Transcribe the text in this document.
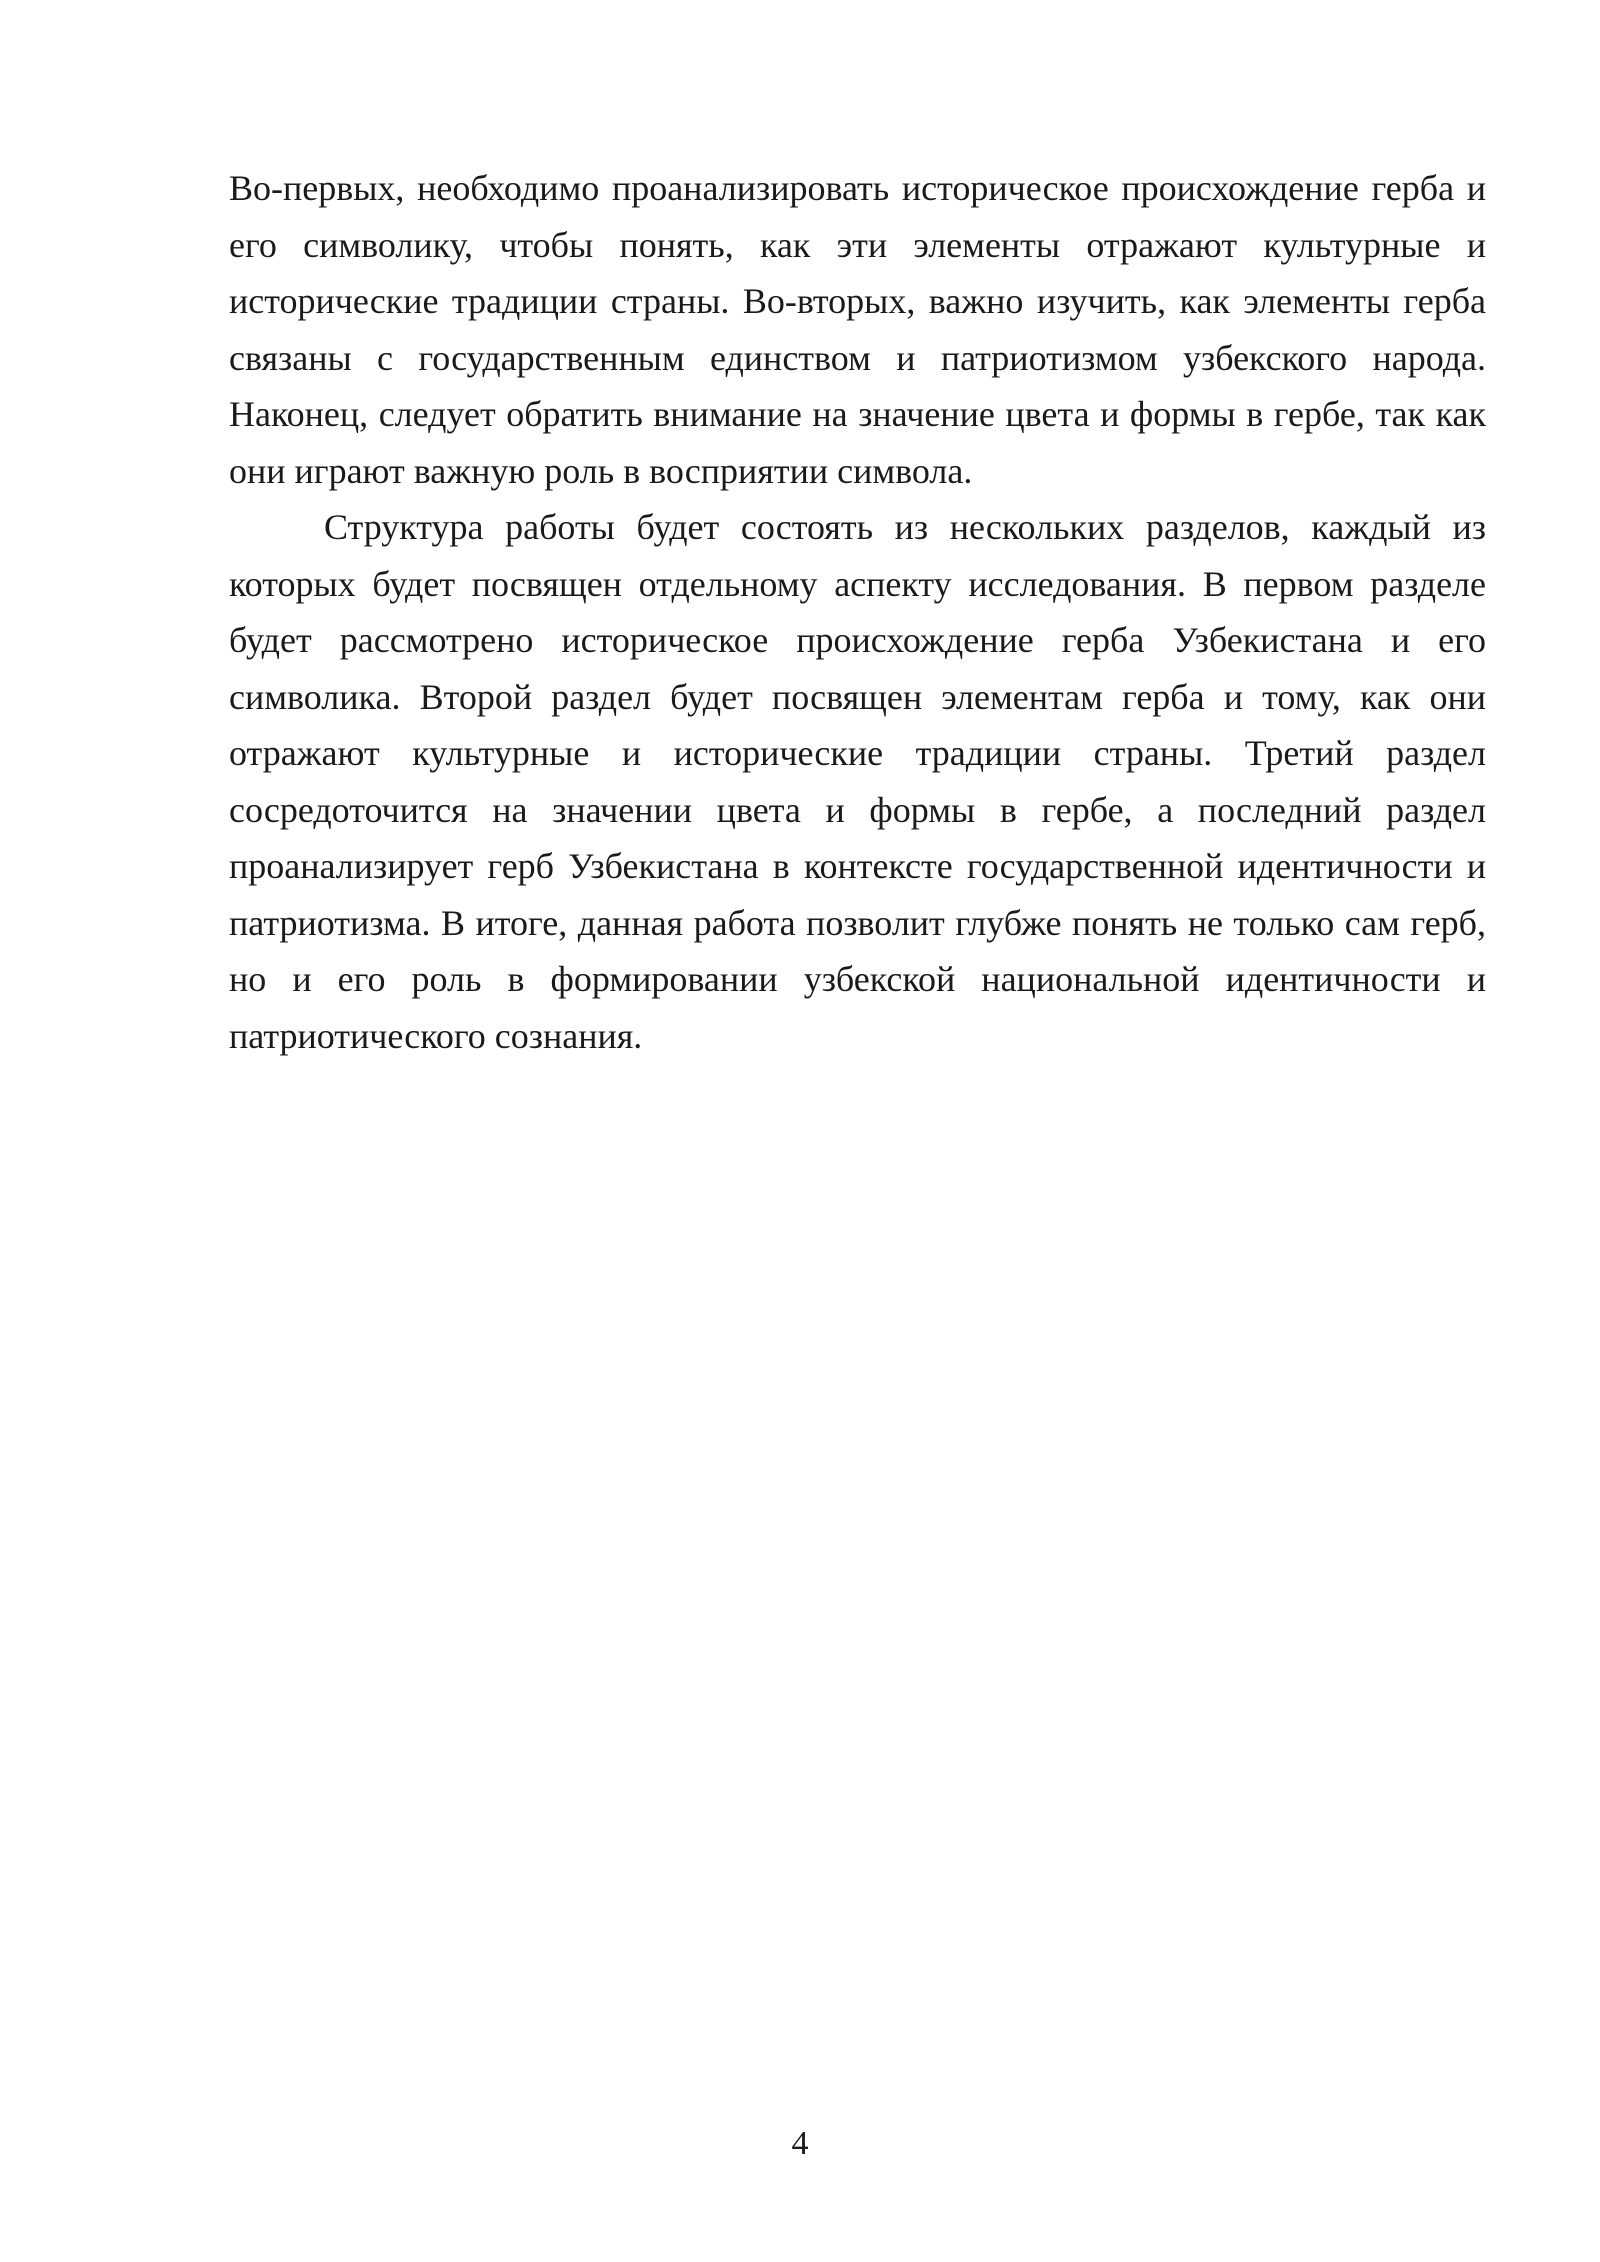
Во-первых, необходимо проанализировать историческое происхождение герба и его символику, чтобы понять, как эти элементы отражают культурные и исторические традиции страны. Во-вторых, важно изучить, как элементы герба связаны с государственным единством и патриотизмом узбекского народа. Наконец, следует обратить внимание на значение цвета и формы в гербе, так как они играют важную роль в восприятии символа.

Структура работы будет состоять из нескольких разделов, каждый из которых будет посвящен отдельному аспекту исследования. В первом разделе будет рассмотрено историческое происхождение герба Узбекистана и его символика. Второй раздел будет посвящен элементам герба и тому, как они отражают культурные и исторические традиции страны. Третий раздел сосредоточится на значении цвета и формы в гербе, а последний раздел проанализирует герб Узбекистана в контексте государственной идентичности и патриотизма. В итоге, данная работа позволит глубже понять не только сам герб, но и его роль в формировании узбекской национальной идентичности и патриотического сознания.

4
